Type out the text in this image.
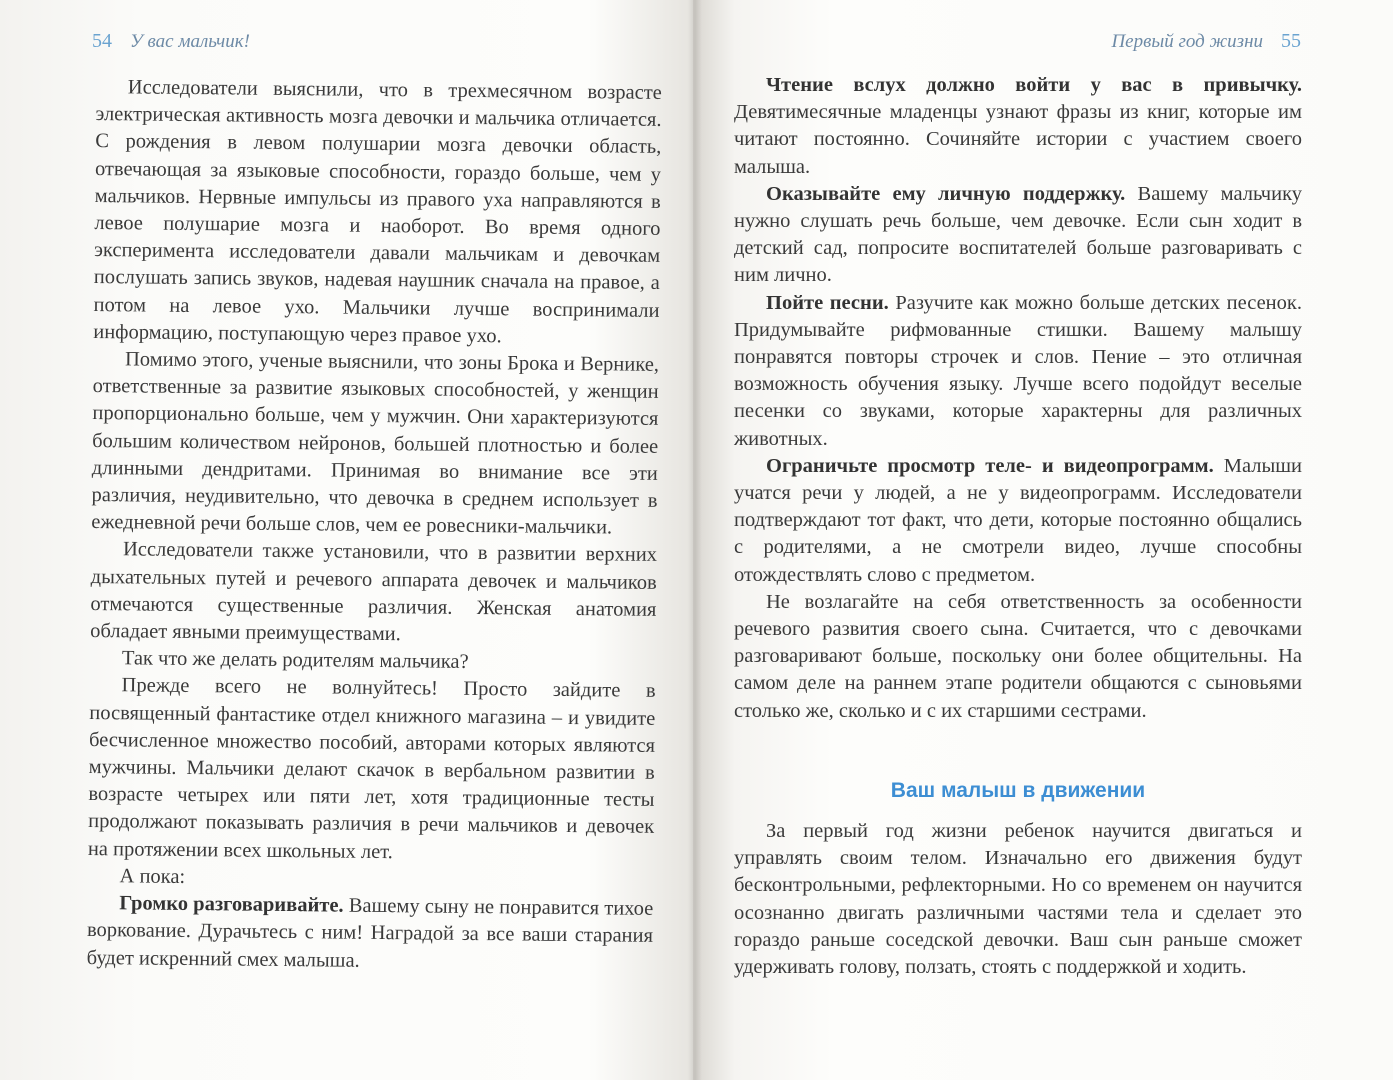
54 У вас мальчик!

Исследователи выяснили, что в трехмесячном возрасте электрическая активность мозга девочки и мальчика отличается. С рождения в левом полушарии мозга девочки область, отвечающая за языковые способности, гораздо больше, чем у мальчиков. Нервные импульсы из правого уха направляются в левое полушарие мозга и наоборот. Во время одного эксперимента исследователи давали мальчикам и девочкам послушать запись звуков, надевая наушник сначала на правое, а потом на левое ухо. Мальчики лучше воспринимали информацию, поступающую через правое ухо.

Помимо этого, ученые выяснили, что зоны Брока и Вернике, ответственные за развитие языковых способностей, у женщин пропорционально больше, чем у мужчин. Они характеризуются большим количеством нейронов, большей плотностью и более длинными дендритами. Принимая во внимание все эти различия, неудивительно, что девочка в среднем использует в ежедневной речи больше слов, чем ее ровесники-мальчики.

Исследователи также установили, что в развитии верхних дыхательных путей и речевого аппарата девочек и мальчиков отмечаются существенные различия. Женская анатомия обладает явными преимуществами.

Так что же делать родителям мальчика?

Прежде всего не волнуйтесь! Просто зайдите в посвященный фантастике отдел книжного магазина – и увидите бесчисленное множество пособий, авторами которых являются мужчины. Мальчики делают скачок в вербальном развитии в возрасте четырех или пяти лет, хотя традиционные тесты продолжают показывать различия в речи мальчиков и девочек на протяжении всех школьных лет.

А пока:

Громко разговаривайте. Вашему сыну не понравится тихое воркование. Дурачьтесь с ним! Наградой за все ваши старания будет искренний смех малыша.

Первый год жизни 55

Чтение вслух должно войти у вас в привычку. Девятимесячные младенцы узнают фразы из книг, которые им читают постоянно. Сочиняйте истории с участием своего малыша.

Оказывайте ему личную поддержку. Вашему мальчику нужно слушать речь больше, чем девочке. Если сын ходит в детский сад, попросите воспитателей больше разговаривать с ним лично.

Пойте песни. Разучите как можно больше детских песенок. Придумывайте рифмованные стишки. Вашему малышу понравятся повторы строчек и слов. Пение – это отличная возможность обучения языку. Лучше всего подойдут веселые песенки со звуками, которые характерны для различных животных.

Ограничьте просмотр теле- и видеопрограмм. Малыши учатся речи у людей, а не у видеопрограмм. Исследователи подтверждают тот факт, что дети, которые постоянно общались с родителями, а не смотрели видео, лучше способны отождествлять слово с предметом.

Не возлагайте на себя ответственность за особенности речевого развития своего сына. Считается, что с девочками разговаривают больше, поскольку они более общительны. На самом деле на раннем этапе родители общаются с сыновьями столько же, сколько и с их старшими сестрами.

Ваш малыш в движении

За первый год жизни ребенок научится двигаться и управлять своим телом. Изначально его движения будут бесконтрольными, рефлекторными. Но со временем он научится осознанно двигать различными частями тела и сделает это гораздо раньше соседской девочки. Ваш сын раньше сможет удерживать голову, ползать, стоять с поддержкой и ходить.
